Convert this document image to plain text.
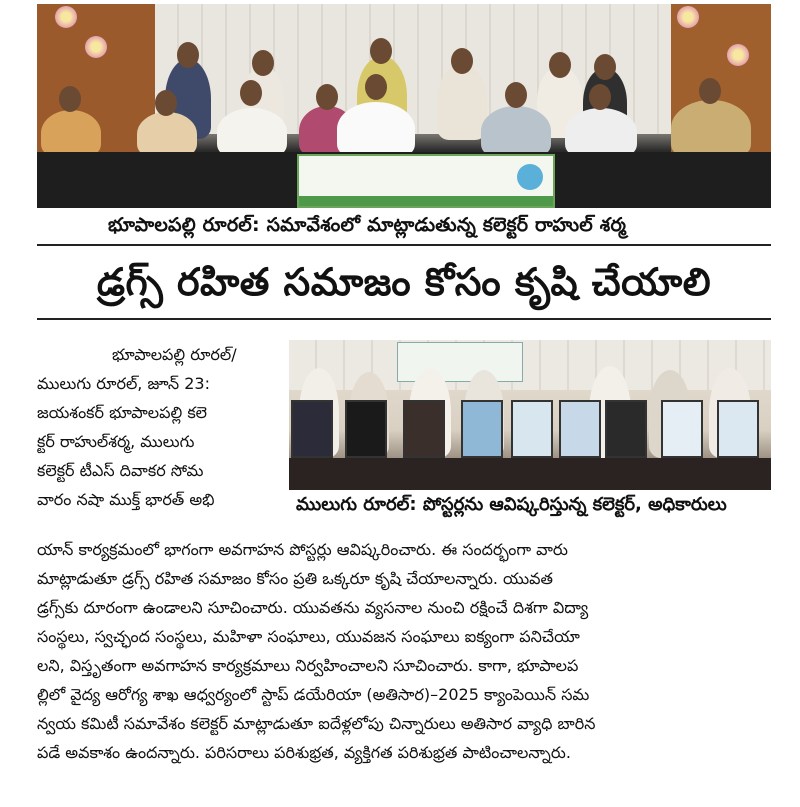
భూపాలపల్లి రూరల్‌: సమావేశంలో మాట్లాడుతున్న కలెక్టర్‌ రాహుల్‌ శర్మ
డ్రగ్స్‌ రహిత సమాజం కోసం కృషి చేయాలి
ములుగు రూరల్‌: పోస్టర్లను ఆవిష్కరిస్తున్న కలెక్టర్‌, అధికారులు
భూపాలపల్లి రూరల్‌/
ములుగు రూరల్‌, జూన్‌ 23:
జయశంకర్‌ భూపాలపల్లి కలె
క్టర్‌ రాహుల్‌శర్మ, ములుగు
కలెక్టర్‌ టీఎస్‌ దివాకర సోమ
వారం నషా ముక్త్‌ భారత్‌ అభి
యాన్‌ కార్యక్రమంలో భాగంగా అవగాహన పోస్టర్లు ఆవిష్కరించారు. ఈ సందర్భంగా వారు
మాట్లాడుతూ డ్రగ్స్‌ రహిత సమాజం కోసం ప్రతి ఒక్కరూ కృషి చేయాలన్నారు. యువత
డ్రగ్స్‌కు దూరంగా ఉండాలని సూచించారు. యువతను వ్యసనాల నుంచి రక్షించే దిశగా విద్యా
సంస్థలు, స్వచ్ఛంద సంస్థలు, మహిళా సంఘాలు, యువజన సంఘాలు ఐక్యంగా పనిచేయా
లని, విస్తృతంగా అవగాహన కార్యక్రమాలు నిర్వహించాలని సూచించారు. కాగా, భూపాలప
ల్లిలో వైద్య ఆరోగ్య శాఖ ఆధ్వర్యంలో స్టాప్‌ డయేరియా (అతిసార)–2025 క్యాంపెయిన్‌ సమ
న్వయ కమిటీ సమావేశం కలెక్టర్‌ మాట్లాడుతూ ఐదేళ్లలోపు చిన్నారులు అతిసార వ్యాధి బారిన
పడే అవకాశం ఉందన్నారు. పరిసరాలు పరిశుభ్రత, వ్యక్తిగత పరిశుభ్రత పాటించాలన్నారు.
